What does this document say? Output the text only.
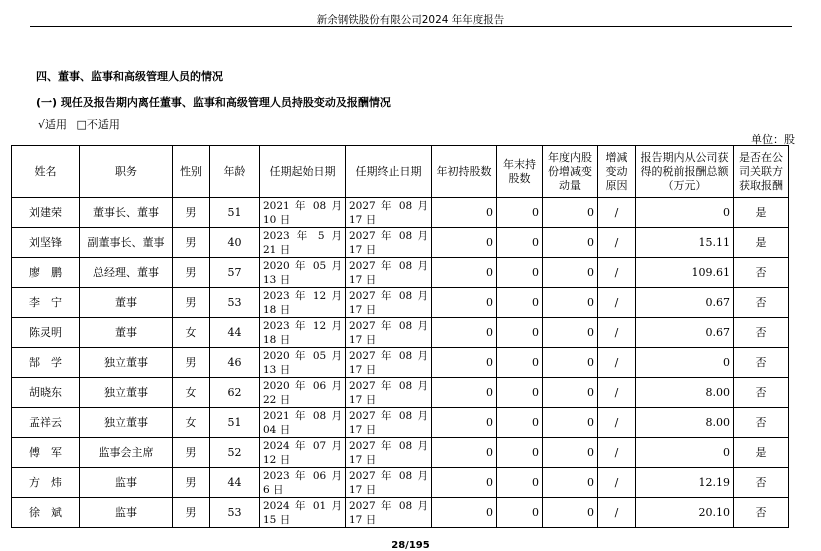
新余钢铁股份有限公司2024 年年度报告
四、董事、监事和高级管理人员的情况
(一) 现任及报告期内离任董事、监事和高级管理人员持股变动及报酬情况
√适用 □不适用
单位：股
姓名	职务	性别	年龄	任期起始日期	任期终止日期	年初持股数	年末持股数	年度内股份增减变动量	增减变动原因	报告期内从公司获得的税前报酬总额（万元）	是否在公司关联方获取报酬
刘建荣	董事长、董事	男	51	2021 年 08 月 10 日	2027 年 08 月 17 日	0	0	0	/	0	是
刘坚锋	副董事长、董事	男	40	2023 年 5 月 21 日	2027 年 08 月 17 日	0	0	0	/	15.11	是
廖　鹏	总经理、董事	男	57	2020 年 05 月 13 日	2027 年 08 月 17 日	0	0	0	/	109.61	否
李　宁	董事	男	53	2023 年 12 月 18 日	2027 年 08 月 17 日	0	0	0	/	0.67	否
陈灵明	董事	女	44	2023 年 12 月 18 日	2027 年 08 月 17 日	0	0	0	/	0.67	否
郜　学	独立董事	男	46	2020 年 05 月 13 日	2027 年 08 月 17 日	0	0	0	/	0	否
胡晓东	独立董事	女	62	2020 年 06 月 22 日	2027 年 08 月 17 日	0	0	0	/	8.00	否
孟祥云	独立董事	女	51	2021 年 08 月 04 日	2027 年 08 月 17 日	0	0	0	/	8.00	否
傅　军	监事会主席	男	52	2024 年 07 月 12 日	2027 年 08 月 17 日	0	0	0	/	0	是
方　炜	监事	男	44	2023 年 06 月 6 日	2027 年 08 月 17 日	0	0	0	/	12.19	否
徐　斌	监事	男	53	2024 年 01 月 15 日	2027 年 08 月 17 日	0	0	0	/	20.10	否
28/195
